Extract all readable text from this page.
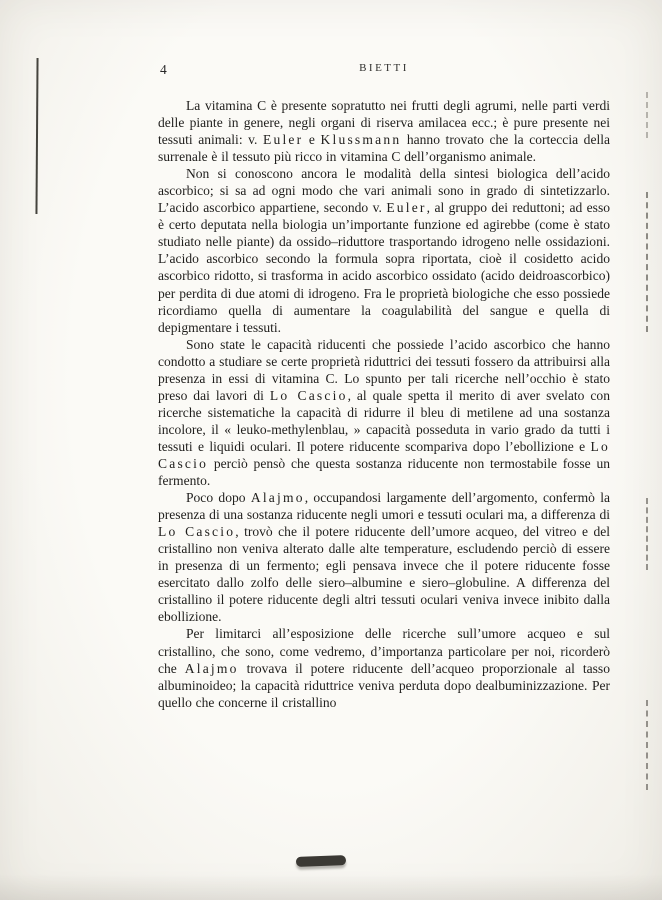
4	BIETTI

La vitamina C è presente sopratutto nei frutti degli agrumi, nelle parti verdi delle piante in genere, negli organi di riserva amilacea ecc.; è pure presente nei tessuti animali: v. Euler e Klussmann hanno trovato che la corteccia della surrenale è il tessuto più ricco in vitamina C dell’organismo animale.

Non si conoscono ancora le modalità della sintesi biologica dell’acido ascorbico; si sa ad ogni modo che vari animali sono in grado di sintetizzarlo. L’acido ascorbico appartiene, secondo v. Euler, al gruppo dei reduttoni; ad esso è certo deputata nella biologia un’importante funzione ed agirebbe (come è stato studiato nelle piante) da ossido–riduttore trasportando idrogeno nelle ossidazioni. L’acido ascorbico secondo la formula sopra riportata, cioè il cosidetto acido ascorbico ridotto, si trasforma in acido ascorbico ossidato (acido deidroascorbico) per perdita di due atomi di idrogeno. Fra le proprietà biologiche che esso possiede ricordiamo quella di aumentare la coagulabilità del sangue e quella di depigmentare i tessuti.

Sono state le capacità riducenti che possiede l’acido ascorbico che hanno condotto a studiare se certe proprietà riduttrici dei tessuti fossero da attribuirsi alla presenza in essi di vitamina C. Lo spunto per tali ricerche nell’occhio è stato preso dai lavori di Lo Cascio, al quale spetta il merito di aver svelato con ricerche sistematiche la capacità di ridurre il bleu di metilene ad una sostanza incolore, il « leuko-methylenblau, » capacità posseduta in vario grado da tutti i tessuti e liquidi oculari. Il potere riducente scompariva dopo l’ebollizione e Lo Cascio perciò pensò che questa sostanza riducente non termostabile fosse un fermento.

Poco dopo Alajmo, occupandosi largamente dell’argomento, confermò la presenza di una sostanza riducente negli umori e tessuti oculari ma, a differenza di Lo Cascio, trovò che il potere riducente dell’umore acqueo, del vitreo e del cristallino non veniva alterato dalle alte temperature, escludendo perciò di essere in presenza di un fermento; egli pensava invece che il potere riducente fosse esercitato dallo zolfo delle siero–albumine e siero–globuline. A differenza del cristallino il potere riducente degli altri tessuti oculari veniva invece inibito dalla ebollizione.

Per limitarci all’esposizione delle ricerche sull’umore acqueo e sul cristallino, che sono, come vedremo, d’importanza particolare per noi, ricorderò che Alajmo trovava il potere riducente dell’acqueo proporzionale al tasso albuminoideo; la capacità riduttrice veniva perduta dopo dealbuminizzazione. Per quello che concerne il cristallino
